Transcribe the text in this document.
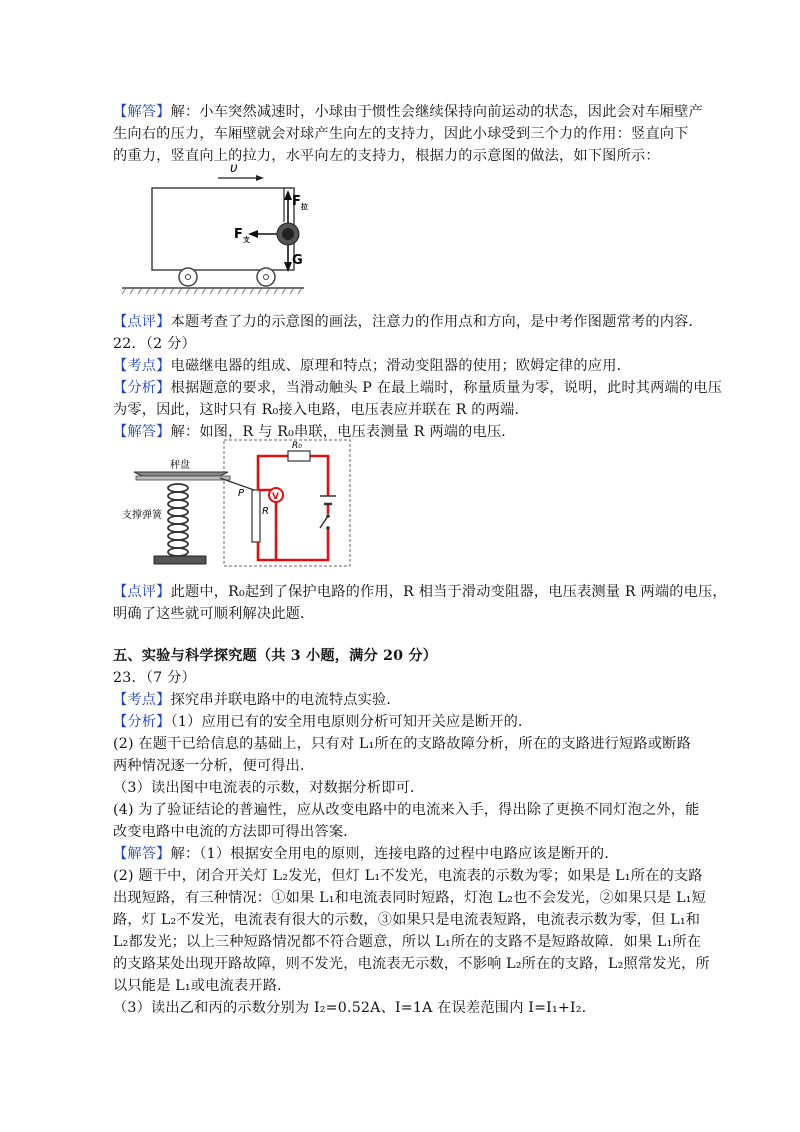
【解答】解：小车突然减速时，小球由于惯性会继续保持向前运动的状态，因此会对车厢壁产
生向右的压力，车厢壁就会对球产生向左的支持力，因此小球受到三个力的作用：竖直向下
的重力，竖直向上的拉力，水平向左的支持力，根据力的示意图的做法，如下图所示：
υ
$F_拉$
$F_支$
G
【点评】本题考查了力的示意图的画法，注意力的作用点和方向，是中考作图题常考的内容．
22．（2 分）
【考点】电磁继电器的组成、原理和特点；滑动变阻器的使用；欧姆定律的应用．
【分析】根据题意的要求，当滑动触头 P 在最上端时，称量质量为零，说明，此时其两端的电压
为零，因此，这时只有 R₀接入电路，电压表应并联在 R 的两端．
【解答】解：如图，R 与 R₀串联，电压表测量 R 两端的电压．
秤盘
支撑弹簧
P
R
R₀
V
【点评】此题中，R₀起到了保护电路的作用，R 相当于滑动变阻器，电压表测量 R 两端的电压，
明确了这些就可顺利解决此题．
五、实验与科学探究题（共 3 小题，满分 20 分）
23．（7 分）
【考点】探究串并联电路中的电流特点实验．
【分析】（1）应用已有的安全用电原则分析可知开关应是断开的．
(2) 在题干已给信息的基础上，只有对 L₁所在的支路故障分析，所在的支路进行短路或断路
两种情况逐一分析，便可得出．
（3）读出图中电流表的示数，对数据分析即可．
(4) 为了验证结论的普遍性，应从改变电路中的电流来入手，得出除了更换不同灯泡之外，能
改变电路中电流的方法即可得出答案．
【解答】解：（1）根据安全用电的原则，连接电路的过程中电路应该是断开的．
(2) 题干中，闭合开关灯 L₂发光，但灯 L₁不发光，电流表的示数为零；如果是 L₁所在的支路
出现短路，有三种情况：①如果 L₁和电流表同时短路，灯泡 L₂也不会发光，②如果只是 L₁短
路，灯 L₂不发光，电流表有很大的示数，③如果只是电流表短路，电流表示数为零，但 L₁和
L₂都发光；以上三种短路情况都不符合题意，所以 L₁所在的支路不是短路故障．如果 L₁所在
的支路某处出现开路故障，则不发光，电流表无示数，不影响 L₂所在的支路，L₂照常发光，所
以只能是 L₁或电流表开路．
（3）读出乙和丙的示数分别为 I₂=0.52A、I=1A 在误差范围内 I=I₁+I₂.
